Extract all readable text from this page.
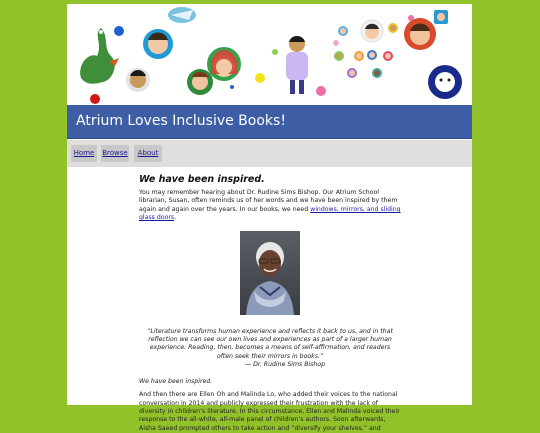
Atrium Loves Inclusive Books!
Home	Browse	About
We have been inspired.

You may remember hearing about Dr. Rudine Sims Bishop. Our Atrium School librarian, Susan, often reminds us of her words and we have been inspired by them again and again over the years. In our books, we need windows, mirrors, and sliding glass doors.

“Literature transforms human experience and reflects it back to us, and in that reflection we can see our own lives and experiences as part of a larger human experience. Reading, then, becomes a means of self-affirmation, and readers often seek their mirrors in books.”
— Dr. Rudine Sims Bishop

We have been inspired.

And then there are Ellen Oh and Malinda Lo, who added their voices to the national conversation in 2014 and publicly expressed their frustration with the lack of diversity in children’s literature. In this circumstance, Ellen and Malinda voiced their response to the all-white, all-male panel of children’s authors. Soon afterwards, Aisha Saeed prompted others to take action and “diversify your shelves,” and
